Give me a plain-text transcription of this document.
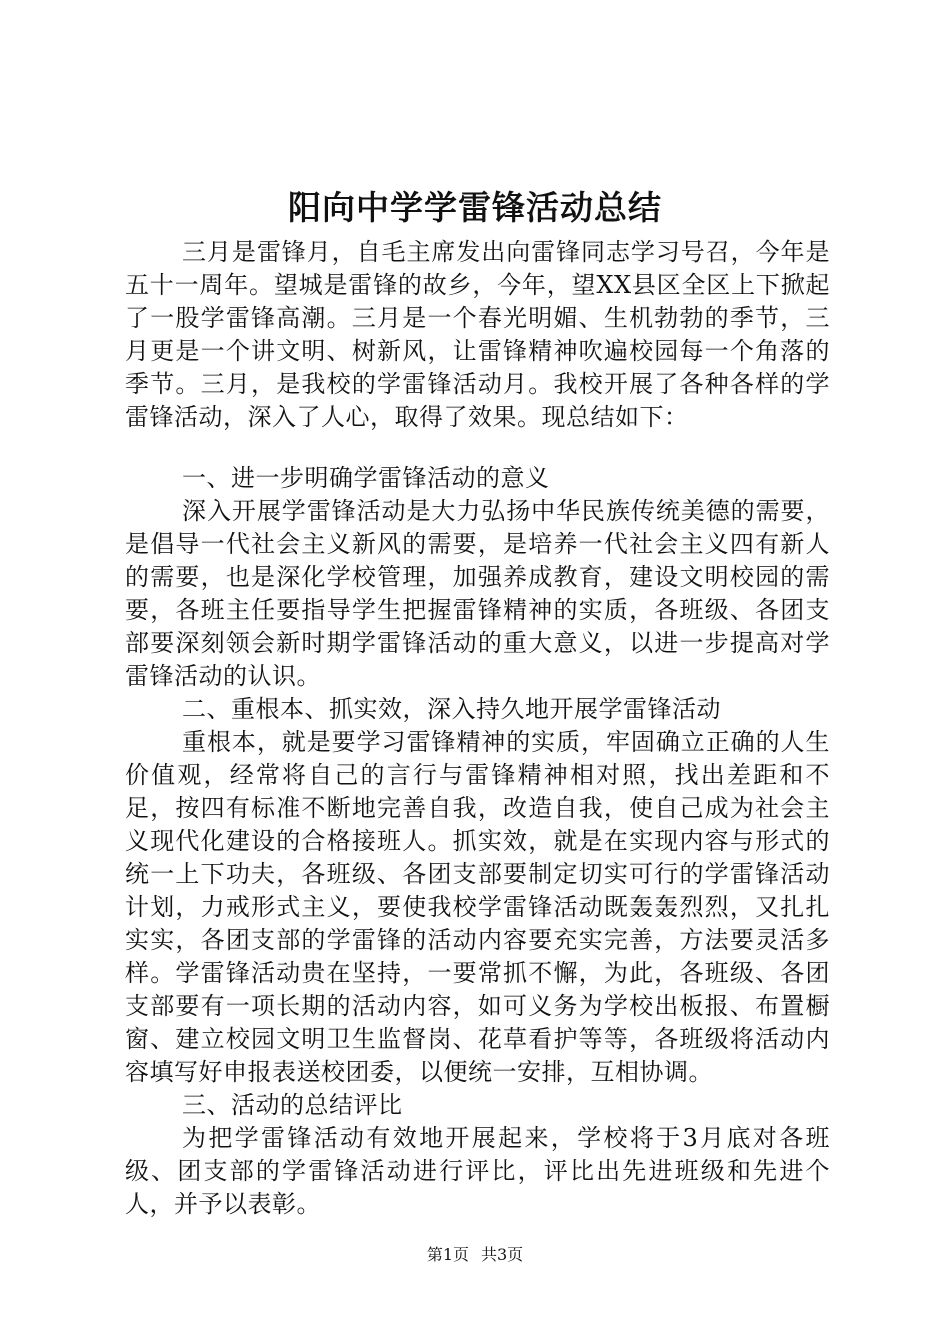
阳向中学学雷锋活动总结

三月是雷锋月，自毛主席发出向雷锋同志学习号召，今年是五十一周年。望城是雷锋的故乡，今年，望XX县区全区上下掀起了一股学雷锋高潮。三月是一个春光明媚、生机勃勃的季节，三月更是一个讲文明、树新风，让雷锋精神吹遍校园每一个角落的季节。三月，是我校的学雷锋活动月。我校开展了各种各样的学雷锋活动，深入了人心，取得了效果。现总结如下：

一、进一步明确学雷锋活动的意义

深入开展学雷锋活动是大力弘扬中华民族传统美德的需要，是倡导一代社会主义新风的需要，是培养一代社会主义四有新人的需要，也是深化学校管理，加强养成教育，建设文明校园的需要，各班主任要指导学生把握雷锋精神的实质，各班级、各团支部要深刻领会新时期学雷锋活动的重大意义，以进一步提高对学雷锋活动的认识。

二、重根本、抓实效，深入持久地开展学雷锋活动

重根本，就是要学习雷锋精神的实质，牢固确立正确的人生价值观，经常将自己的言行与雷锋精神相对照，找出差距和不足，按四有标准不断地完善自我，改造自我，使自己成为社会主义现代化建设的合格接班人。抓实效，就是在实现内容与形式的统一上下功夫，各班级、各团支部要制定切实可行的学雷锋活动计划，力戒形式主义，要使我校学雷锋活动既轰轰烈烈，又扎扎实实，各团支部的学雷锋的活动内容要充实完善，方法要灵活多样。学雷锋活动贵在坚持，一要常抓不懈，为此，各班级、各团支部要有一项长期的活动内容，如可义务为学校出板报、布置橱窗、建立校园文明卫生监督岗、花草看护等等，各班级将活动内容填写好申报表送校团委，以便统一安排，互相协调。

三、活动的总结评比

为把学雷锋活动有效地开展起来，学校将于3月底对各班级、团支部的学雷锋活动进行评比，评比出先进班级和先进个人，并予以表彰。

第1页 共3页
